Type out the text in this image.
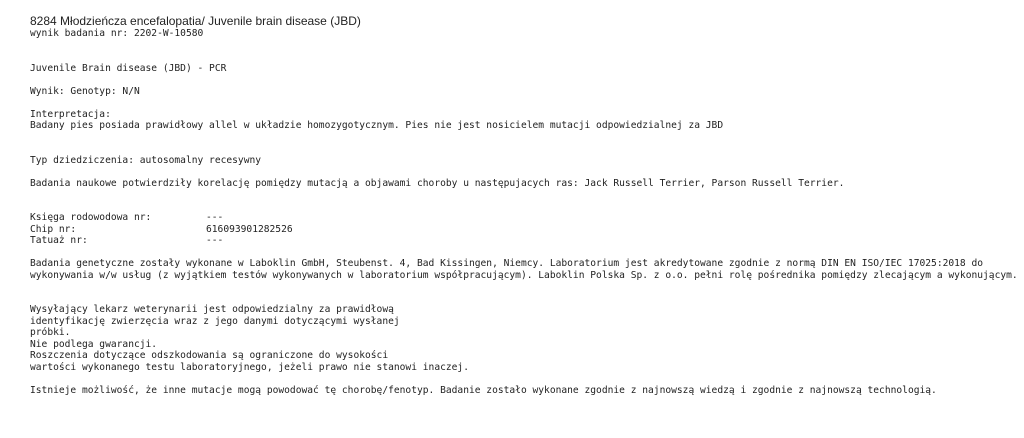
8284 Młodzieńcza encefalopatia/ Juvenile brain disease (JBD)
wynik badania nr: 2202-W-10580
Juvenile Brain disease (JBD) - PCR
Wynik: Genotyp: N/N
Interpretacja:
Badany pies posiada prawidłowy allel w układzie homozygotycznym. Pies nie jest nosicielem mutacji odpowiedzialnej za JBD
Typ dziedziczenia: autosomalny recesywny
Badania naukowe potwierdziły korelację pomiędzy mutacją a objawami choroby u następujacych ras: Jack Russell Terrier, Parson Russell Terrier.
Księga rodowodowa nr:	---
Chip nr:	616093901282526
Tatuaż nr:	---
Badania genetyczne zostały wykonane w Laboklin GmbH, Steubenst. 4, Bad Kissingen, Niemcy. Laboratorium jest akredytowane zgodnie z normą DIN EN ISO/IEC 17025:2018 do wykonywania w/w usług (z wyjątkiem testów wykonywanych w laboratorium współpracującym). Laboklin Polska Sp. z o.o. pełni rolę pośrednika pomiędzy zlecającym a wykonującym.
Wysyłający lekarz weterynarii jest odpowiedzialny za prawidłową
identyfikację zwierzęcia wraz z jego danymi dotyczącymi wysłanej
próbki.
Nie podlega gwarancji.
Roszczenia dotyczące odszkodowania są ograniczone do wysokości
wartości wykonanego testu laboratoryjnego, jeżeli prawo nie stanowi inaczej.
Istnieje możliwość, że inne mutacje mogą powodować tę chorobę/fenotyp. Badanie zostało wykonane zgodnie z najnowszą wiedzą i zgodnie z najnowszą technologią.
